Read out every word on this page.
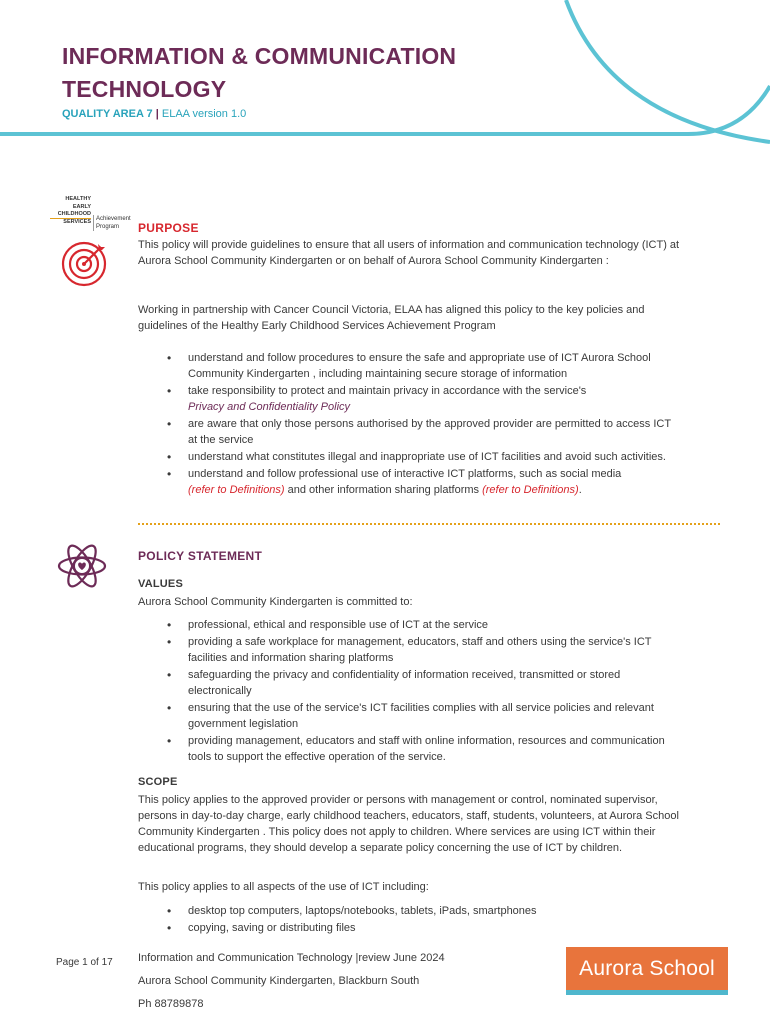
INFORMATION & COMMUNICATION
TECHNOLOGY
QUALITY AREA 7 | ELAA version 1.0
HEALTHY
EARLY
CHILDHOOD
SERVICES Achievement
Program	PURPOSE

This policy will provide guidelines to ensure that all users of information and communication technology (ICT) at Aurora School Community Kindergarten or on behalf of Aurora School Community Kindergarten :

Working in partnership with Cancer Council Victoria, ELAA has aligned this policy to the key policies and guidelines of the Healthy Early Childhood Services Achievement Program

• understand and follow procedures to ensure the safe and appropriate use of ICT Aurora School Community Kindergarten , including maintaining secure storage of information
• take responsibility to protect and maintain privacy in accordance with the service's
Privacy and Confidentiality Policy
• are aware that only those persons authorised by the approved provider are permitted to access ICT at the service
• understand what constitutes illegal and inappropriate use of ICT facilities and avoid such activities.
• understand and follow professional use of interactive ICT platforms, such as social media
(refer to Definitions) and other information sharing platforms (refer to Definitions).
POLICY STATEMENT
VALUES

Aurora School Community Kindergarten is committed to:

• professional, ethical and responsible use of ICT at the service
• providing a safe workplace for management, educators, staff and others using the service's ICT facilities and information sharing platforms
• safeguarding the privacy and confidentiality of information received, transmitted or stored electronically
• ensuring that the use of the service's ICT facilities complies with all service policies and relevant government legislation
• providing management, educators and staff with online information, resources and communication tools to support the effective operation of the service.
SCOPE

This policy applies to the approved provider or persons with management or control, nominated supervisor, persons in day-to-day charge, early childhood teachers, educators, staff, students, volunteers, at Aurora School Community Kindergarten . This policy does not apply to children. Where services are using ICT within their educational programs, they should develop a separate policy concerning the use of ICT by children.

This policy applies to all aspects of the use of ICT including:

• desktop top computers, laptops/notebooks, tablets, iPads, smartphones
• copying, saving or distributing files
Page 1 of 17 Information and Communication Technology |review June 2024
Aurora School Community Kindergarten, Blackburn South
Ph 88789878
Aurora School
